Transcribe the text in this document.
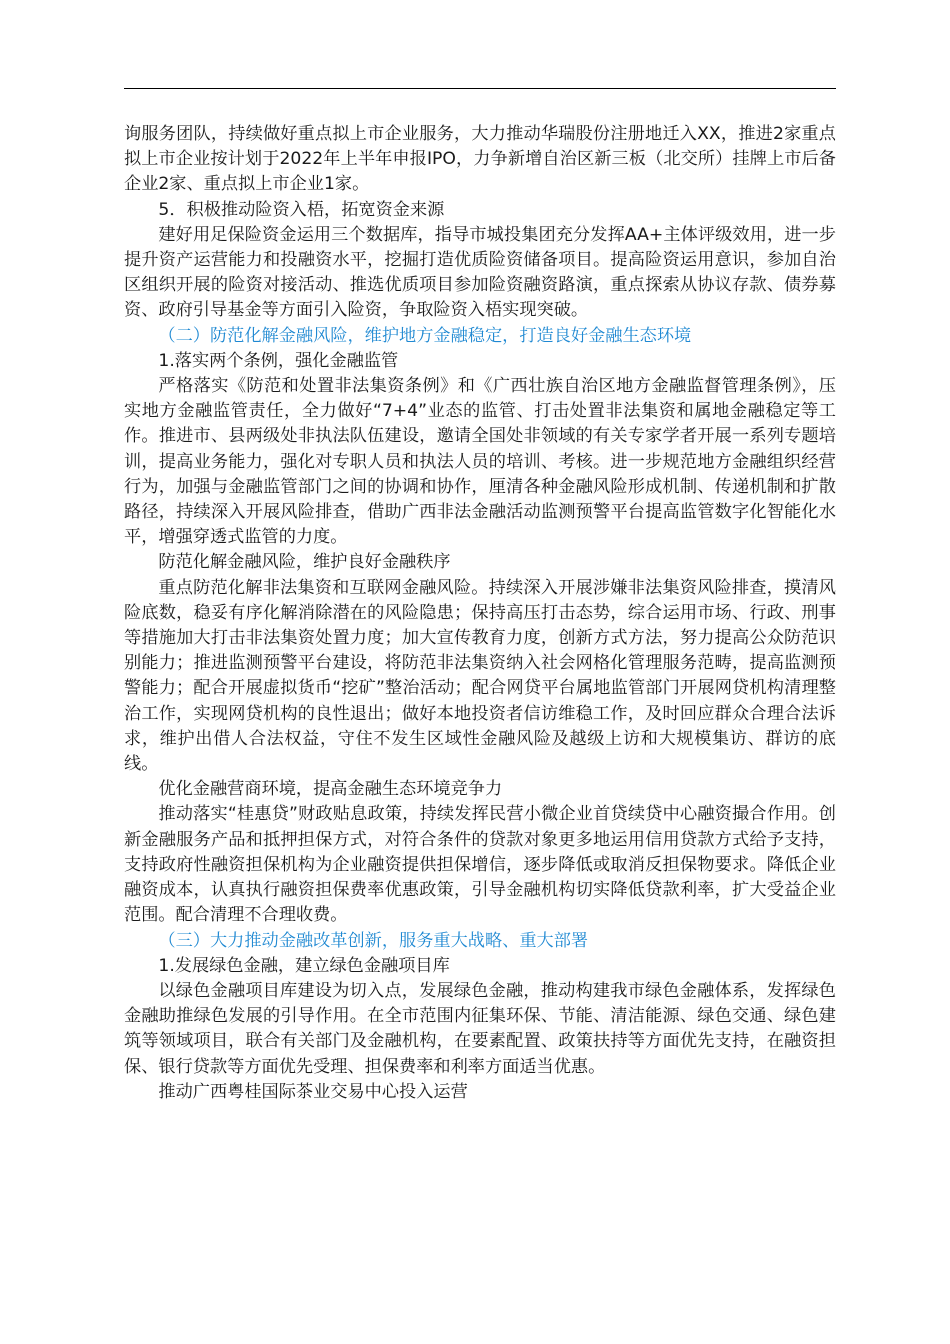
询服务团队，持续做好重点拟上市企业服务，大力推动华瑞股份注册地迁入XX，推进2家重点拟上市企业按计划于2022年上半年申报IPO，力争新增自治区新三板（北交所）挂牌上市后备企业2家、重点拟上市企业1家。

5．积极推动险资入梧，拓宽资金来源

建好用足保险资金运用三个数据库，指导市城投集团充分发挥AA+主体评级效用，进一步提升资产运营能力和投融资水平，挖掘打造优质险资储备项目。提高险资运用意识，参加自治区组织开展的险资对接活动、推选优质项目参加险资融资路演，重点探索从协议存款、债券募资、政府引导基金等方面引入险资，争取险资入梧实现突破。

（二）防范化解金融风险，维护地方金融稳定，打造良好金融生态环境

1.落实两个条例，强化金融监管

严格落实《防范和处置非法集资条例》和《广西壮族自治区地方金融监督管理条例》，压实地方金融监管责任，全力做好“7+4”业态的监管、打击处置非法集资和属地金融稳定等工作。推进市、县两级处非执法队伍建设，邀请全国处非领域的有关专家学者开展一系列专题培训，提高业务能力，强化对专职人员和执法人员的培训、考核。进一步规范地方金融组织经营行为，加强与金融监管部门之间的协调和协作，厘清各种金融风险形成机制、传递机制和扩散路径，持续深入开展风险排查，借助广西非法金融活动监测预警平台提高监管数字化智能化水平，增强穿透式监管的力度。

防范化解金融风险，维护良好金融秩序

重点防范化解非法集资和互联网金融风险。持续深入开展涉嫌非法集资风险排查，摸清风险底数，稳妥有序化解消除潜在的风险隐患；保持高压打击态势，综合运用市场、行政、刑事等措施加大打击非法集资处置力度；加大宣传教育力度，创新方式方法，努力提高公众防范识别能力；推进监测预警平台建设，将防范非法集资纳入社会网格化管理服务范畴，提高监测预警能力；配合开展虚拟货币“挖矿”整治活动；配合网贷平台属地监管部门开展网贷机构清理整治工作，实现网贷机构的良性退出；做好本地投资者信访维稳工作，及时回应群众合理合法诉求，维护出借人合法权益，守住不发生区域性金融风险及越级上访和大规模集访、群访的底线。

优化金融营商环境，提高金融生态环境竞争力

推动落实“桂惠贷”财政贴息政策，持续发挥民营小微企业首贷续贷中心融资撮合作用。创新金融服务产品和抵押担保方式，对符合条件的贷款对象更多地运用信用贷款方式给予支持，支持政府性融资担保机构为企业融资提供担保增信，逐步降低或取消反担保物要求。降低企业融资成本，认真执行融资担保费率优惠政策，引导金融机构切实降低贷款利率，扩大受益企业范围。配合清理不合理收费。

（三）大力推动金融改革创新，服务重大战略、重大部署

1.发展绿色金融，建立绿色金融项目库

以绿色金融项目库建设为切入点，发展绿色金融，推动构建我市绿色金融体系，发挥绿色金融助推绿色发展的引导作用。在全市范围内征集环保、节能、清洁能源、绿色交通、绿色建筑等领域项目，联合有关部门及金融机构，在要素配置、政策扶持等方面优先支持，在融资担保、银行贷款等方面优先受理、担保费率和利率方面适当优惠。

推动广西粤桂国际茶业交易中心投入运营
